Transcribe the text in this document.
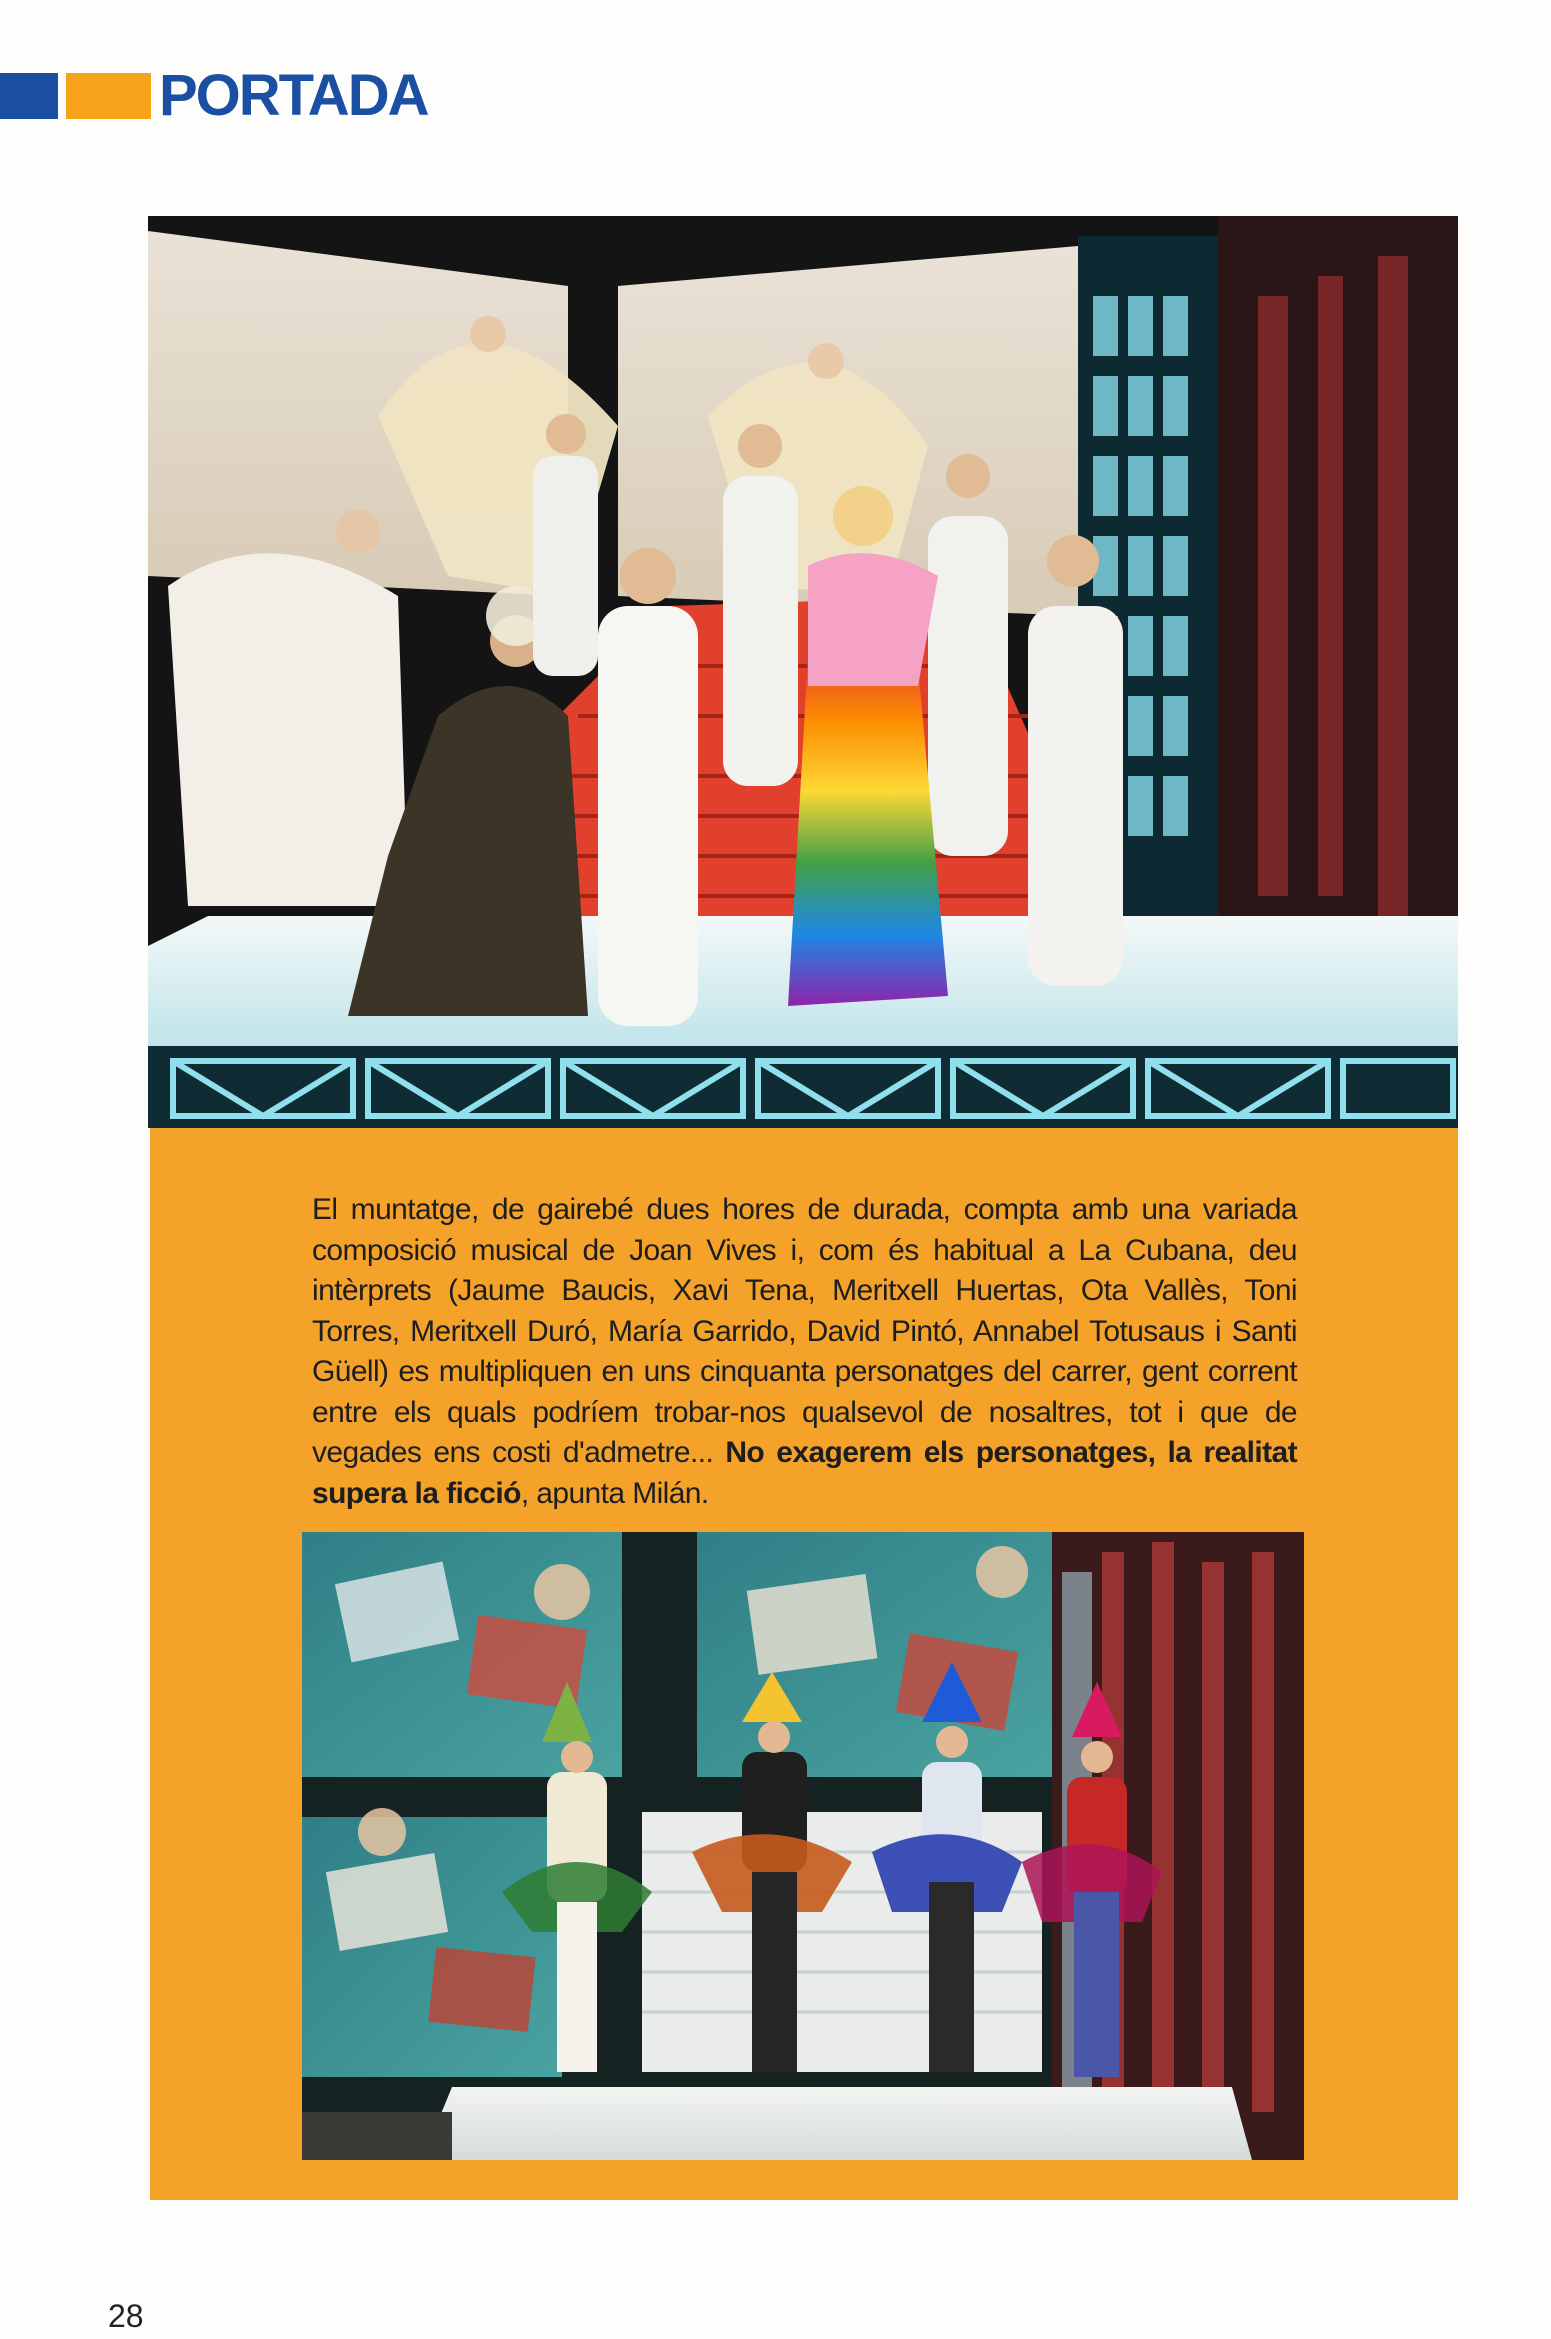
PORTADA

El muntatge, de gairebé dues hores de durada, compta amb una variada composició musical de Joan Vives i, com és habitual a La Cubana, deu intèrprets (Jaume Baucis, Xavi Tena, Meritxell Huertas, Ota Vallès, Toni Torres, Meritxell Duró, María Garrido, David Pintó, Annabel Totusaus i Santi Güell) es multipliquen en uns cinquanta personatges del carrer, gent corrent entre els quals podríem trobar-nos qualsevol de nosaltres, tot i que de vegades ens costi d'admetre... No exagerem els personatges, la realitat supera la ficció, apunta Milán.

28
